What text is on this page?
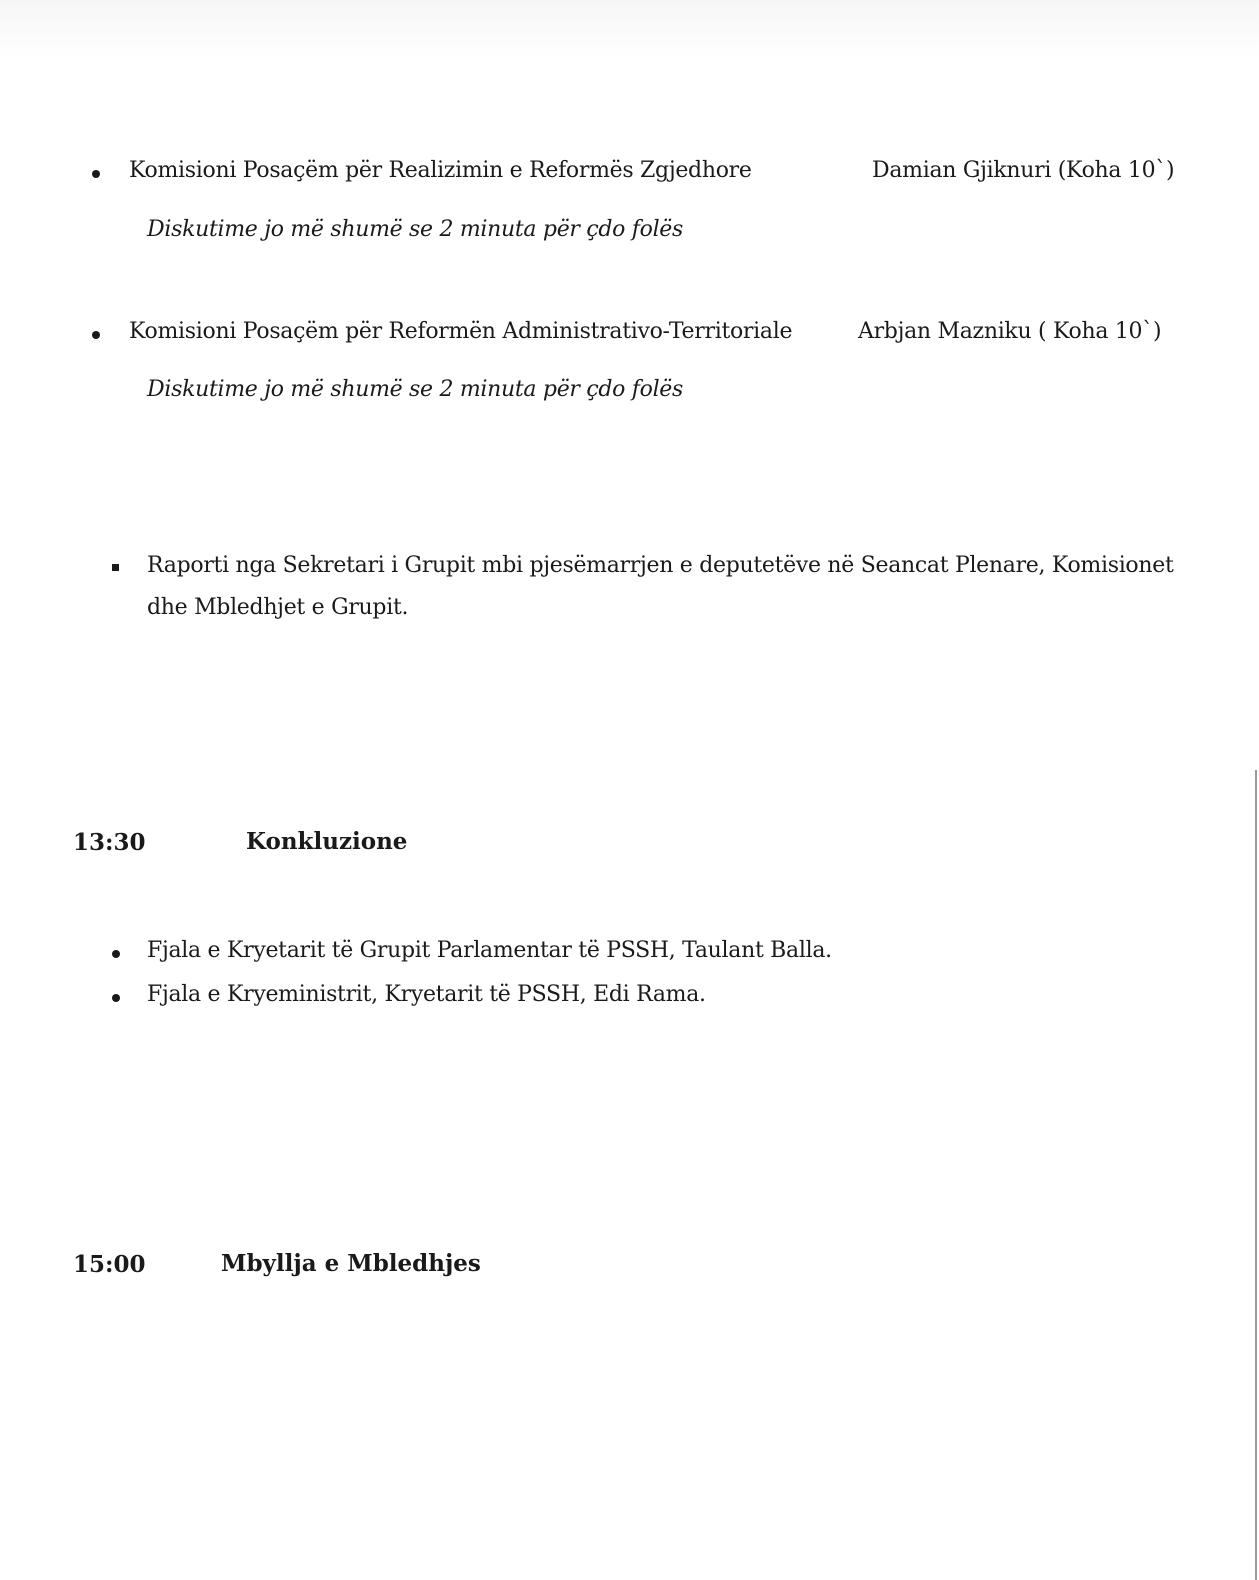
Komisioni Posaçëm për Realizimin e Reformës Zgjedhore	Damian Gjiknuri (Koha 10`)
Diskutime jo më shumë se 2 minuta për çdo folës
Komisioni Posaçëm për Reformën Administrativo-Territoriale	Arbjan Mazniku ( Koha 10`)
Diskutime jo më shumë se 2 minuta për çdo folës
Raporti nga Sekretari i Grupit mbi pjesëmarrjen e deputetëve në Seancat Plenare, Komisionet
dhe Mbledhjet e Grupit.
13:30	Konkluzione
Fjala e Kryetarit të Grupit Parlamentar të PSSH, Taulant Balla.
Fjala e Kryeministrit, Kryetarit të PSSH, Edi Rama.
15:00	Mbyllja e Mbledhjes
